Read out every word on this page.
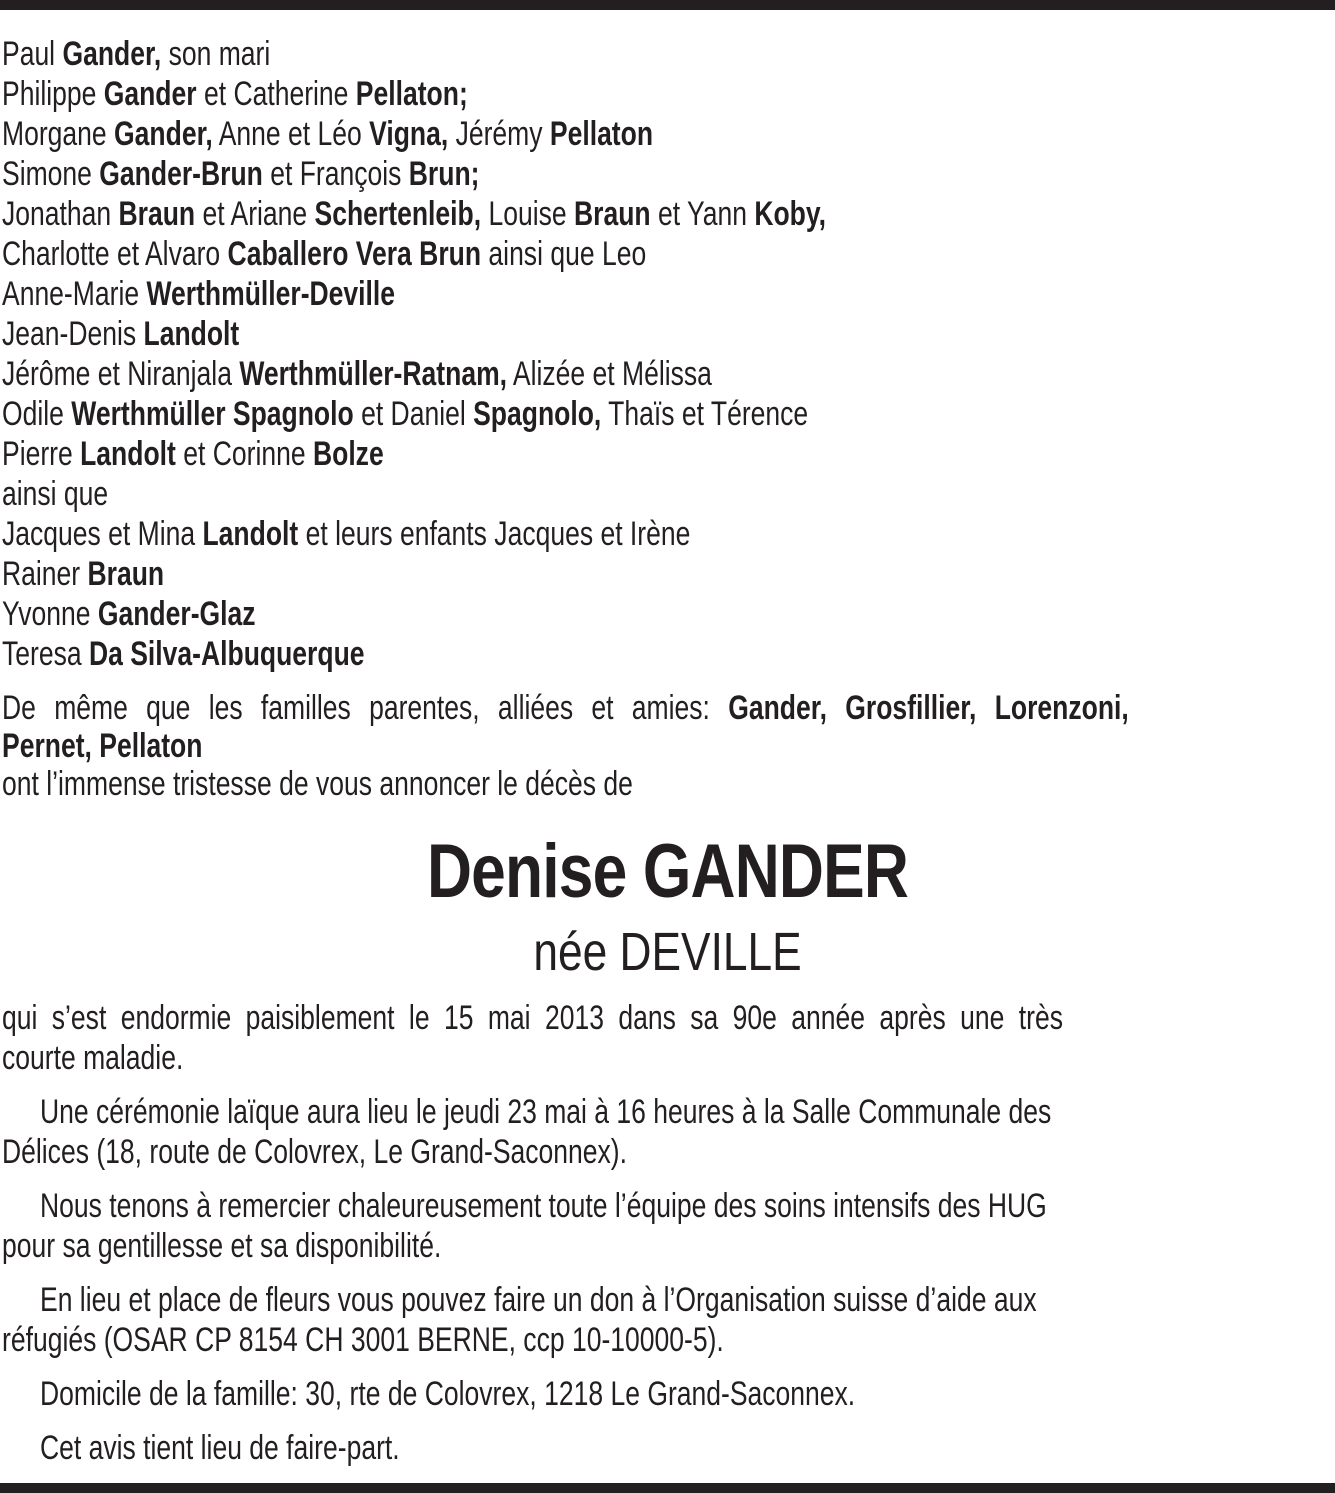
Paul Gander, son mari
Philippe Gander et Catherine Pellaton;
Morgane Gander, Anne et Léo Vigna, Jérémy Pellaton
Simone Gander-Brun et François Brun;
Jonathan Braun et Ariane Schertenleib, Louise Braun et Yann Koby,
Charlotte et Alvaro Caballero Vera Brun ainsi que Leo
Anne-Marie Werthmüller-Deville
Jean-Denis Landolt
Jérôme et Niranjala Werthmüller-Ratnam, Alizée et Mélissa
Odile Werthmüller Spagnolo et Daniel Spagnolo, Thaïs et Térence
Pierre Landolt et Corinne Bolze
ainsi que
Jacques et Mina Landolt et leurs enfants Jacques et Irène
Rainer Braun
Yvonne Gander-Glaz
Teresa Da Silva-Albuquerque
De même que les familles parentes, alliées et amies: Gander, Grosfillier, Lorenzoni,
Pernet, Pellaton
ont l’immense tristesse de vous annoncer le décès de
Denise GANDER
née DEVILLE
qui s’est endormie paisiblement le 15 mai 2013 dans sa 90e année après une très
courte maladie.
Une cérémonie laïque aura lieu le jeudi 23 mai à 16 heures à la Salle Communale des
Délices (18, route de Colovrex, Le Grand-Saconnex).
Nous tenons à remercier chaleureusement toute l’équipe des soins intensifs des HUG
pour sa gentillesse et sa disponibilité.
En lieu et place de fleurs vous pouvez faire un don à l’Organisation suisse d’aide aux
réfugiés (OSAR CP 8154 CH 3001 BERNE, ccp 10-10000-5).
Domicile de la famille: 30, rte de Colovrex, 1218 Le Grand-Saconnex.
Cet avis tient lieu de faire-part.
